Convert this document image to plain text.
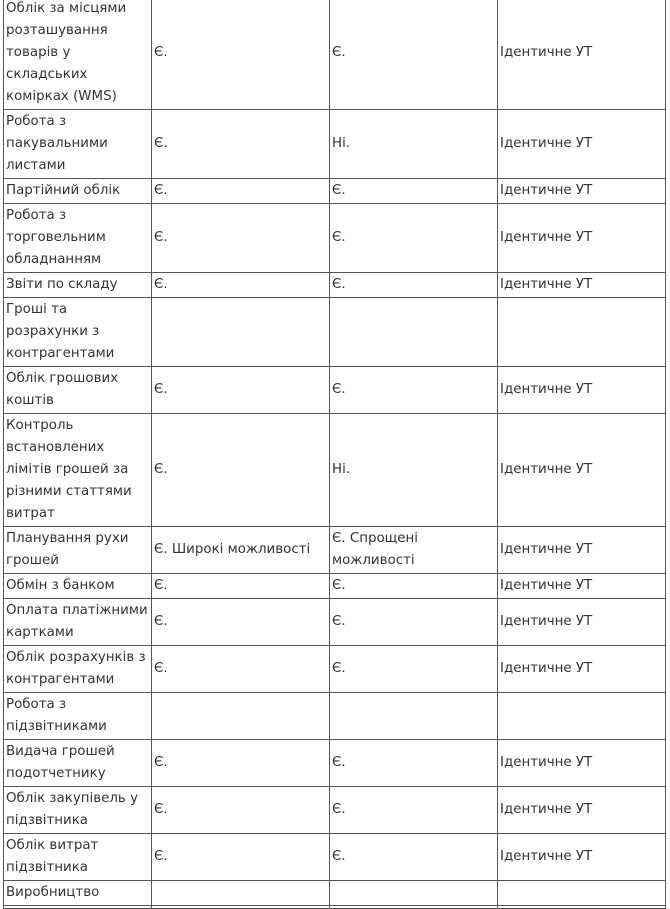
Облік за місцями розташування товарів у складських комірках (WMS)	Є.	Є.	Ідентичне УТ
Робота з пакувальними листами	Є.	Ні.	Ідентичне УТ
Партійний облік	Є.	Є.	Ідентичне УТ
Робота з торговельним обладнанням	Є.	Є.	Ідентичне УТ
Звіти по складу	Є.	Є.	Ідентичне УТ
Гроші та розрахунки з контрагентами			
Облік грошових коштів	Є.	Є.	Ідентичне УТ
Контроль встановлених лімітів грошей за різними статтями витрат	Є.	Ні.	Ідентичне УТ
Планування рухи грошей	Є. Широкі можливості	Є. Спрощені можливості	Ідентичне УТ
Обмін з банком	Є.	Є.	Ідентичне УТ
Оплата платіжними картками	Є.	Є.	Ідентичне УТ
Облік розрахунків з контрагентами	Є.	Є.	Ідентичне УТ
Робота з підзвітниками			
Видача грошей подотчетнику	Є.	Є.	Ідентичне УТ
Облік закупівель у підзвітника	Є.	Є.	Ідентичне УТ
Облік витрат підзвітника	Є.	Є.	Ідентичне УТ
Виробництво			
